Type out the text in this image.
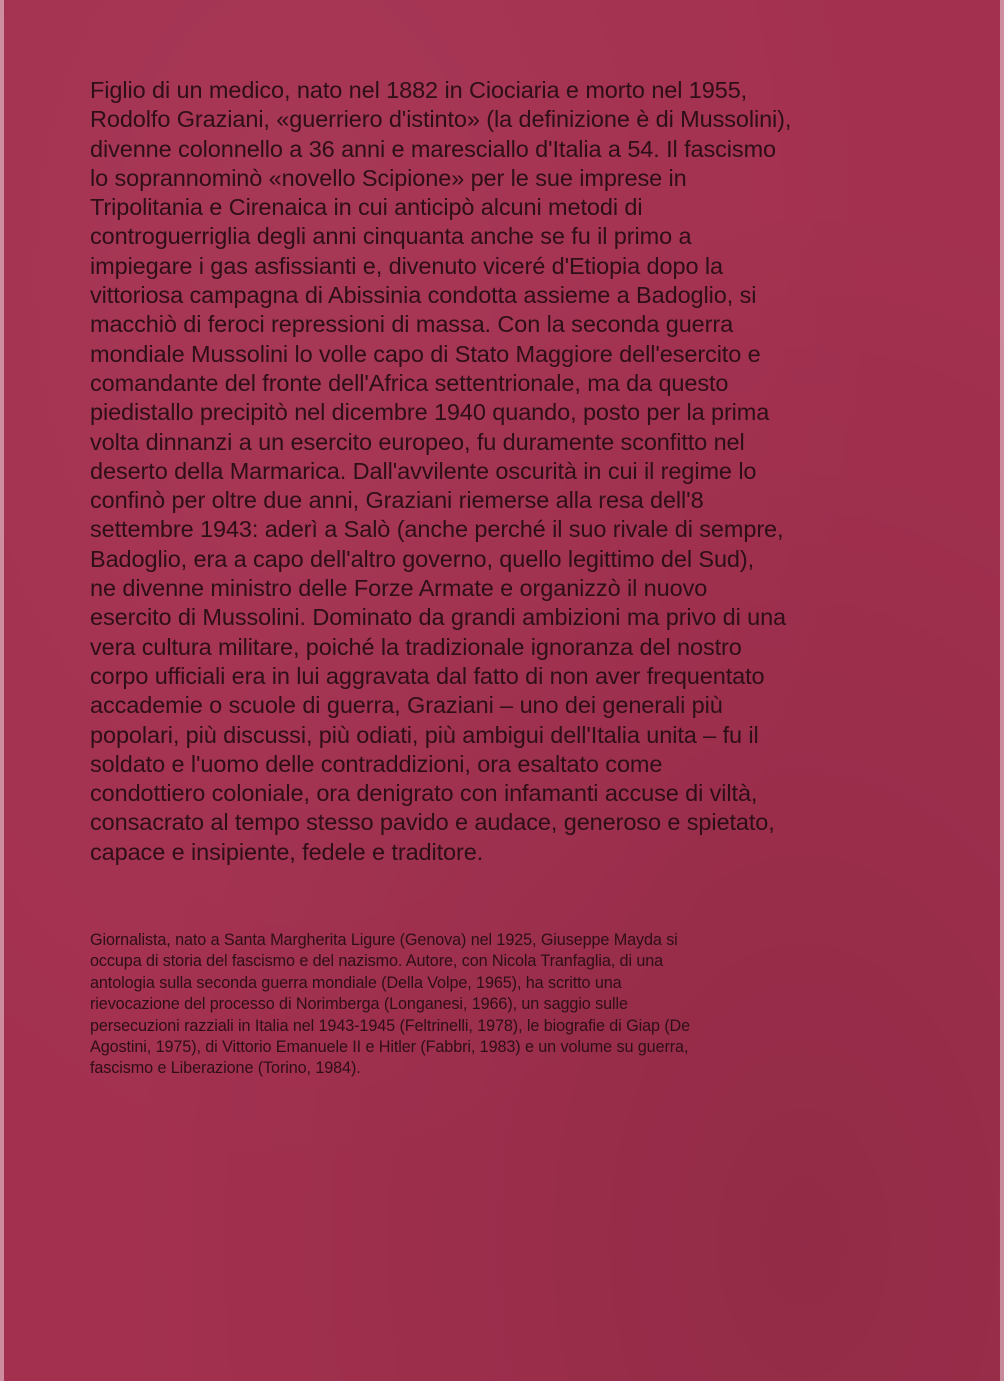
Figlio di un medico, nato nel 1882 in Ciociaria e morto nel 1955,
Rodolfo Graziani, «guerriero d'istinto» (la definizione è di Mussolini),
divenne colonnello a 36 anni e maresciallo d'Italia a 54. Il fascismo
lo soprannominò «novello Scipione» per le sue imprese in
Tripolitania e Cirenaica in cui anticipò alcuni metodi di
controguerriglia degli anni cinquanta anche se fu il primo a
impiegare i gas asfissianti e, divenuto viceré d'Etiopia dopo la
vittoriosa campagna di Abissinia condotta assieme a Badoglio, si
macchiò di feroci repressioni di massa. Con la seconda guerra
mondiale Mussolini lo volle capo di Stato Maggiore dell'esercito e
comandante del fronte dell'Africa settentrionale, ma da questo
piedistallo precipitò nel dicembre 1940 quando, posto per la prima
volta dinnanzi a un esercito europeo, fu duramente sconfitto nel
deserto della Marmarica. Dall'avvilente oscurità in cui il regime lo
confinò per oltre due anni, Graziani riemerse alla resa dell'8
settembre 1943: aderì a Salò (anche perché il suo rivale di sempre,
Badoglio, era a capo dell'altro governo, quello legittimo del Sud),
ne divenne ministro delle Forze Armate e organizzò il nuovo
esercito di Mussolini. Dominato da grandi ambizioni ma privo di una
vera cultura militare, poiché la tradizionale ignoranza del nostro
corpo ufficiali era in lui aggravata dal fatto di non aver frequentato
accademie o scuole di guerra, Graziani – uno dei generali più
popolari, più discussi, più odiati, più ambigui dell'Italia unita – fu il
soldato e l'uomo delle contraddizioni, ora esaltato come
condottiero coloniale, ora denigrato con infamanti accuse di viltà,
consacrato al tempo stesso pavido e audace, generoso e spietato,
capace e insipiente, fedele e traditore.

Giornalista, nato a Santa Margherita Ligure (Genova) nel 1925, Giuseppe Mayda si
occupa di storia del fascismo e del nazismo. Autore, con Nicola Tranfaglia, di una
antologia sulla seconda guerra mondiale (Della Volpe, 1965), ha scritto una
rievocazione del processo di Norimberga (Longanesi, 1966), un saggio sulle
persecuzioni razziali in Italia nel 1943-1945 (Feltrinelli, 1978), le biografie di Giap (De
Agostini, 1975), di Vittorio Emanuele II e Hitler (Fabbri, 1983) e un volume su guerra,
fascismo e Liberazione (Torino, 1984).
